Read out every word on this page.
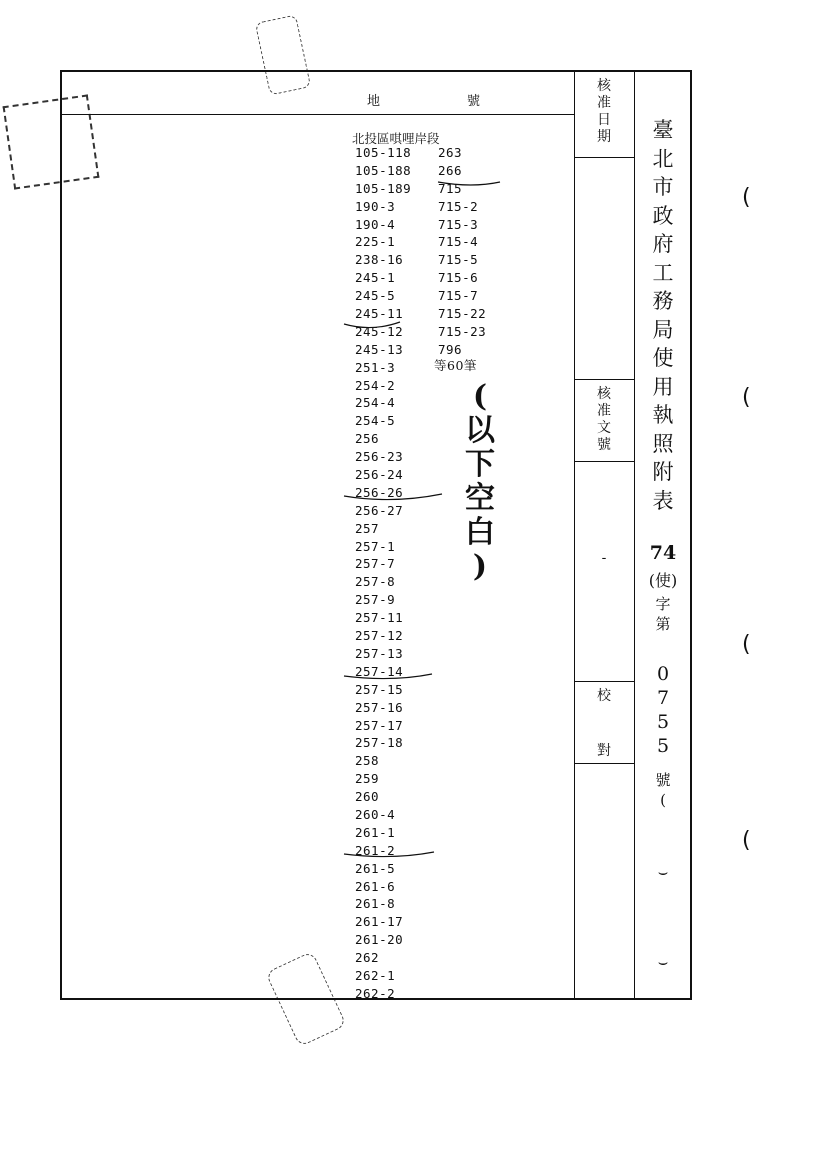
(
(
(
(
地	號
北投區唭哩岸段
105-118
105-188
105-189
190-3
190-4
225-1
238-16
245-1
245-5
245-11
245-12
245-13
251-3
254-2
254-4
254-5
256
256-23
256-24
256-26
256-27
257
257-1
257-7
257-8
257-9
257-11
257-12
257-13
257-14
257-15
257-16
257-17
257-18
258
259
260
260-4
261-1
261-2
261-5
261-6
261-8
261-17
261-20
262
262-1
262-2
263
266
715
715-2
715-3
715-4
715-5
715-6
715-7
715-22
715-23
796
等60筆
(
以
下
空
白
)
核
准
日
期
核
准
文
號
-
校
對
臺
北
市
政
府
工
務
局
使
用
執
照
附
表
74
(使)
字
第
0
7
5
5
號
(
⌣
⌣
